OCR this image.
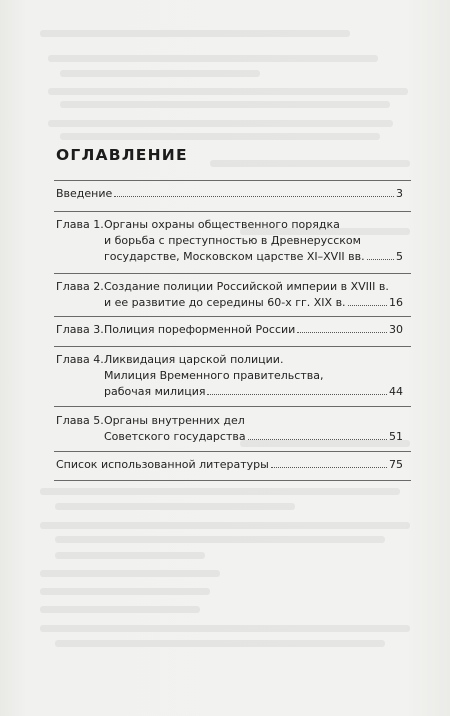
ОГЛАВЛЕНИЕ
Введение	3
Глава 1. Органы охраны общественного порядка
и борьба с преступностью в Древнерусском
государстве, Московском царстве XI–XVII вв.	5
Глава 2. Создание полиции Российской империи в XVIII в.
и ее развитие до середины 60-х гг. XIX в.	16
Глава 3. Полиция пореформенной России	30
Глава 4. Ликвидация царской полиции.
Милиция Временного правительства,
рабочая милиция	44
Глава 5. Органы внутренних дел
Советского государства	51
Список использованной литературы	75
